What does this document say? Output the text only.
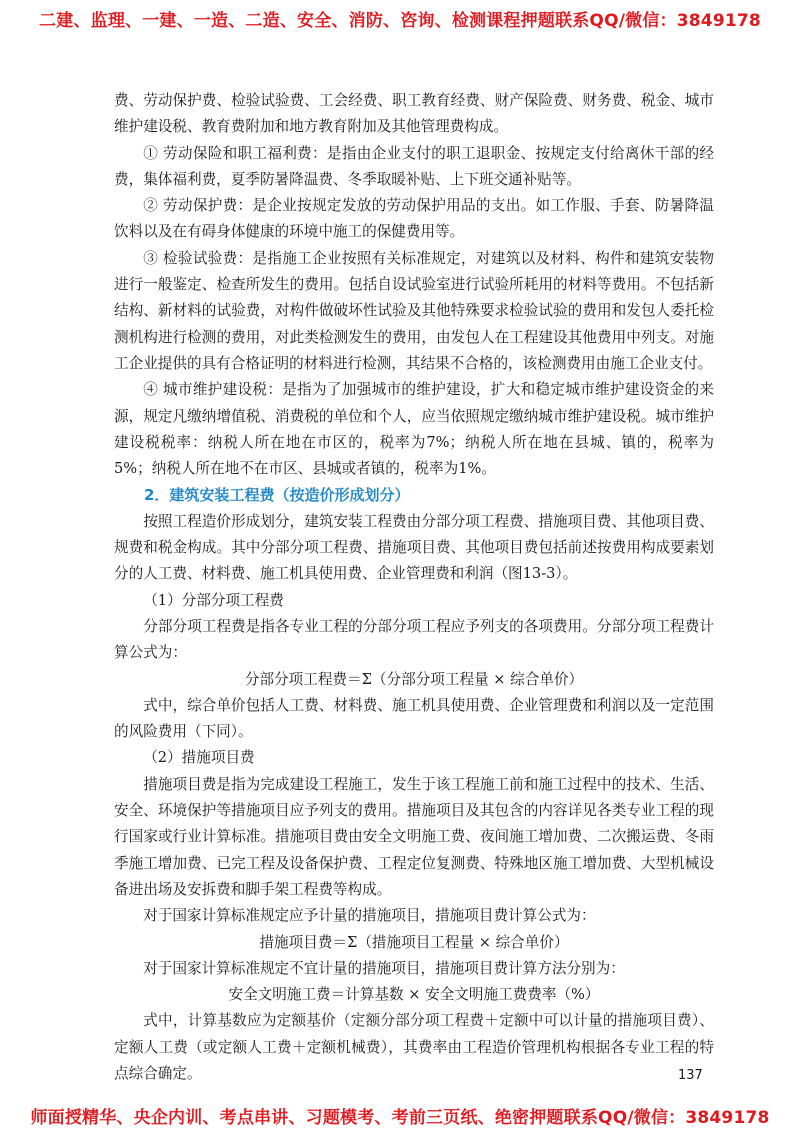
二建、监理、一建、一造、二造、安全、消防、咨询、检测课程押题联系QQ/微信：3849178

费、劳动保护费、检验试验费、工会经费、职工教育经费、财产保险费、财务费、税金、城市维护建设税、教育费附加和地方教育附加及其他管理费构成。

① 劳动保险和职工福利费：是指由企业支付的职工退职金、按规定支付给离休干部的经费，集体福利费，夏季防暑降温费、冬季取暖补贴、上下班交通补贴等。

② 劳动保护费：是企业按规定发放的劳动保护用品的支出。如工作服、手套、防暑降温饮料以及在有碍身体健康的环境中施工的保健费用等。

③ 检验试验费：是指施工企业按照有关标准规定，对建筑以及材料、构件和建筑安装物进行一般鉴定、检查所发生的费用。包括自设试验室进行试验所耗用的材料等费用。不包括新结构、新材料的试验费，对构件做破坏性试验及其他特殊要求检验试验的费用和发包人委托检测机构进行检测的费用，对此类检测发生的费用，由发包人在工程建设其他费用中列支。对施工企业提供的具有合格证明的材料进行检测，其结果不合格的，该检测费用由施工企业支付。

④ 城市维护建设税：是指为了加强城市的维护建设，扩大和稳定城市维护建设资金的来源，规定凡缴纳增值税、消费税的单位和个人，应当依照规定缴纳城市维护建设税。城市维护建设税税率：纳税人所在地在市区的，税率为7%；纳税人所在地在县城、镇的，税率为5%；纳税人所在地不在市区、县城或者镇的，税率为1%。

2．建筑安装工程费（按造价形成划分）

按照工程造价形成划分，建筑安装工程费由分部分项工程费、措施项目费、其他项目费、规费和税金构成。其中分部分项工程费、措施项目费、其他项目费包括前述按费用构成要素划分的人工费、材料费、施工机具使用费、企业管理费和利润（图13-3）。

（1）分部分项工程费

分部分项工程费是指各专业工程的分部分项工程应予列支的各项费用。分部分项工程费计算公式为：

分部分项工程费＝Σ（分部分项工程量 × 综合单价）

式中，综合单价包括人工费、材料费、施工机具使用费、企业管理费和利润以及一定范围的风险费用（下同）。

（2）措施项目费

措施项目费是指为完成建设工程施工，发生于该工程施工前和施工过程中的技术、生活、安全、环境保护等措施项目应予列支的费用。措施项目及其包含的内容详见各类专业工程的现行国家或行业计算标准。措施项目费由安全文明施工费、夜间施工增加费、二次搬运费、冬雨季施工增加费、已完工程及设备保护费、工程定位复测费、特殊地区施工增加费、大型机械设备进出场及安拆费和脚手架工程费等构成。

对于国家计算标准规定应予计量的措施项目，措施项目费计算公式为：

措施项目费＝Σ（措施项目工程量 × 综合单价）

对于国家计算标准规定不宜计量的措施项目，措施项目费计算方法分别为：

安全文明施工费＝计算基数 × 安全文明施工费费率（%）

式中，计算基数应为定额基价（定额分部分项工程费＋定额中可以计量的措施项目费）、定额人工费（或定额人工费＋定额机械费），其费率由工程造价管理机构根据各专业工程的特点综合确定。	137
师面授精华、央企内训、考点串讲、习题模考、考前三页纸、绝密押题联系QQ/微信：3849178
